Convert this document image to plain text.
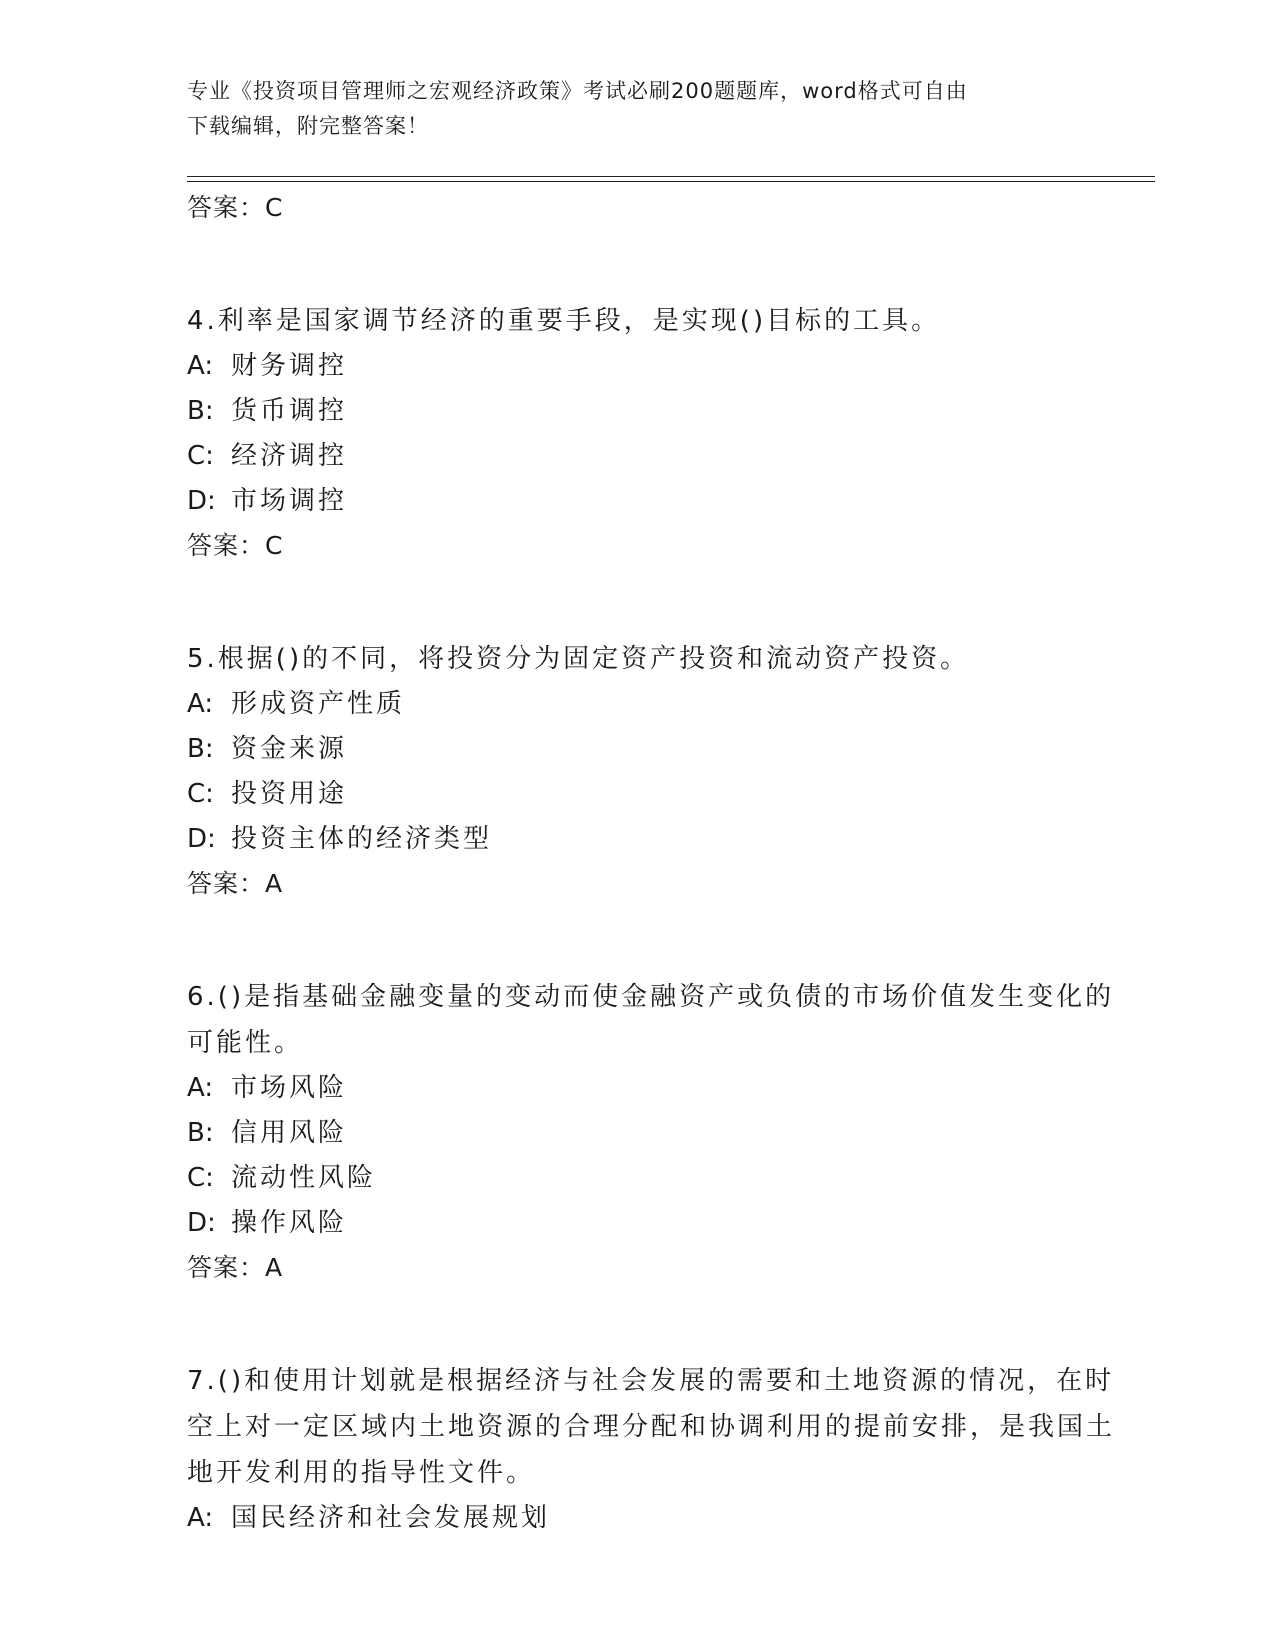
专业《投资项目管理师之宏观经济政策》考试必刷200题题库，word格式可自由
下载编辑，附完整答案！
答案：C
4.利率是国家调节经济的重要手段，是实现()目标的工具。
A: 财务调控
B: 货币调控
C: 经济调控
D: 市场调控
答案：C
5.根据()的不同，将投资分为固定资产投资和流动资产投资。
A: 形成资产性质
B: 资金来源
C: 投资用途
D: 投资主体的经济类型
答案：A
6.()是指基础金融变量的变动而使金融资产或负债的市场价值发生变化的可能性。
A: 市场风险
B: 信用风险
C: 流动性风险
D: 操作风险
答案：A
7.()和使用计划就是根据经济与社会发展的需要和土地资源的情况，在时空上对一定区域内土地资源的合理分配和协调利用的提前安排，是我国土地开发利用的指导性文件。
A: 国民经济和社会发展规划
